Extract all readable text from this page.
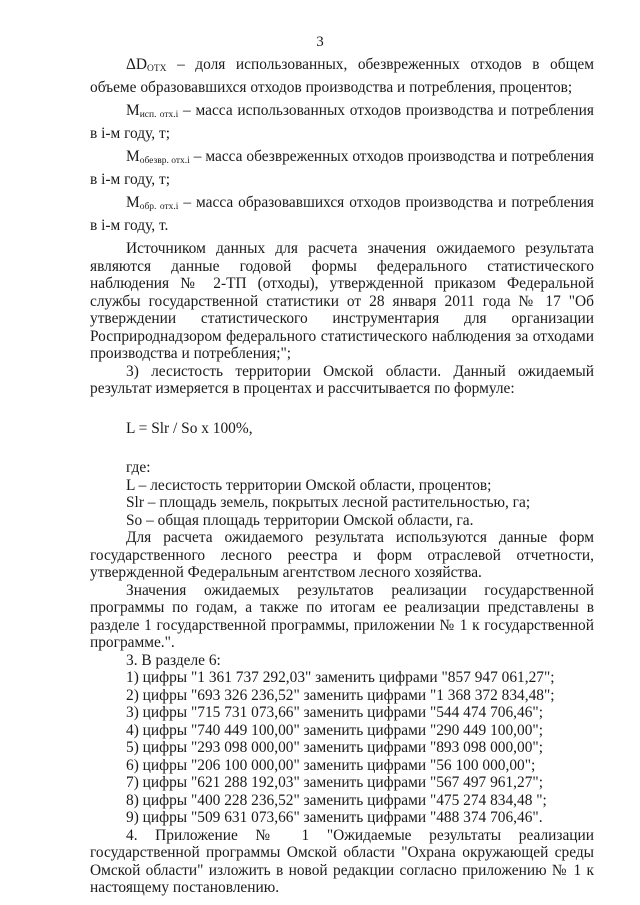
3

$\Delta D_{ОТХ}$ – доля использованных, обезвреженных отходов в общем объеме образовавшихся отходов производства и потребления, процентов;

$М_{исп. отх.i}$ – масса использованных отходов производства и потребления в i-м году, т;

$М_{обезвр. отх.i}$ – масса обезвреженных отходов производства и потребления в i-м году, т;

$М_{обр. отх.i}$ – масса образовавшихся отходов производства и потребления в i-м году, т.

Источником данных для расчета значения ожидаемого результата являются данные годовой формы федерального статистического наблюдения № 2-ТП (отходы), утвержденной приказом Федеральной службы государственной статистики от 28 января 2011 года № 17 "Об утверждении статистического инструментария для организации Росприроднадзором федерального статистического наблюдения за отходами производства и потребления;";

3) лесистость территории Омской области. Данный ожидаемый результат измеряется в процентах и рассчитывается по формуле:

L = Slr / So x 100%,

где:

L – лесистость территории Омской области, процентов;

Slr – площадь земель, покрытых лесной растительностью, га;

So – общая площадь территории Омской области, га.

Для расчета ожидаемого результата используются данные форм государственного лесного реестра и форм отраслевой отчетности, утвержденной Федеральным агентством лесного хозяйства.

Значения ожидаемых результатов реализации государственной программы по годам, а также по итогам ее реализации представлены в разделе 1 государственной программы, приложении № 1 к государственной программе.".

3. В разделе 6:

1) цифры "1 361 737 292,03" заменить цифрами "857 947 061,27";

2) цифры "693 326 236,52" заменить цифрами "1 368 372 834,48";

3) цифры "715 731 073,66" заменить цифрами "544 474 706,46";

4) цифры "740 449 100,00" заменить цифрами "290 449 100,00";

5) цифры "293 098 000,00" заменить цифрами "893 098 000,00";

6) цифры "206 100 000,00" заменить цифрами "56 100 000,00";

7) цифры "621 288 192,03" заменить цифрами "567 497 961,27";

8) цифры "400 228 236,52" заменить цифрами "475 274 834,48 ";

9) цифры "509 631 073,66" заменить цифрами "488 374 706,46".

4. Приложение № 1 "Ожидаемые результаты реализации государственной программы Омской области "Охрана окружающей среды Омской области" изложить в новой редакции согласно приложению № 1 к настоящему постановлению.
